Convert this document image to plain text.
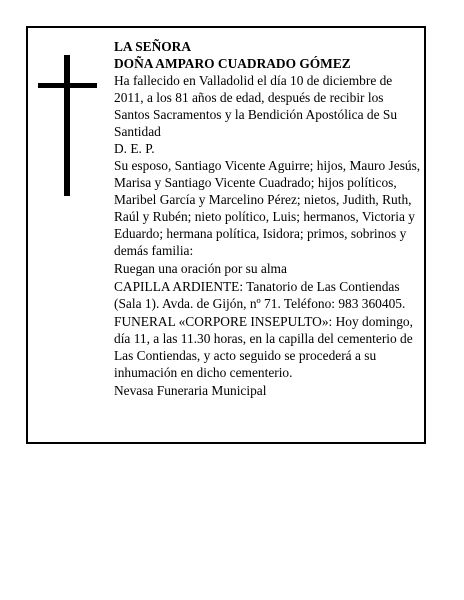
LA SEÑORA

DOÑA AMPARO CUADRADO GÓMEZ

Ha fallecido en Valladolid el día 10 de diciembre de 2011, a los 81 años de edad, después de recibir los Santos Sacramentos y la Bendición Apostólica de Su Santidad

D. E. P.

Su esposo, Santiago Vicente Aguirre; hijos, Mauro Jesús, Marisa y Santiago Vicente Cuadrado; hijos políticos, Maribel García y Marcelino Pérez; nietos, Judith, Ruth, Raúl y Rubén; nieto político, Luis; hermanos, Victoria y Eduardo; hermana política, Isidora; primos, sobrinos y demás familia:

Ruegan una oración por su alma

CAPILLA ARDIENTE: Tanatorio de Las Contiendas (Sala 1). Avda. de Gijón, nº 71. Teléfono: 983 360405.

FUNERAL «CORPORE INSEPULTO»: Hoy domingo, día 11, a las 11.30 horas, en la capilla del cementerio de Las Contiendas, y acto seguido se procederá a su inhumación en dicho cementerio.

Nevasa Funeraria Municipal
